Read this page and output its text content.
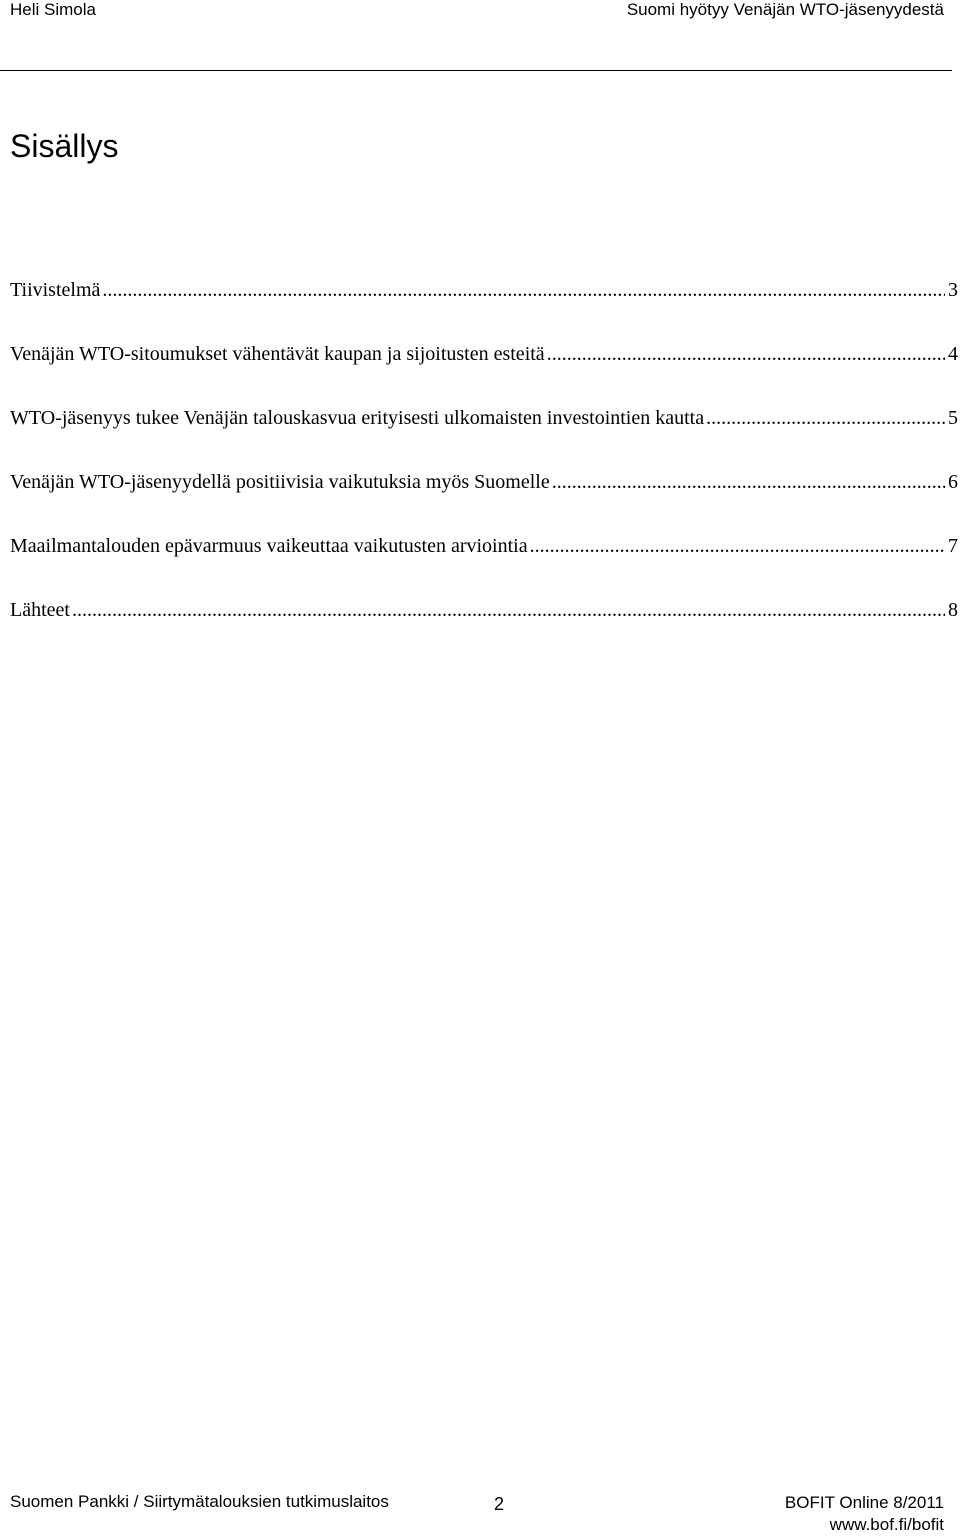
Heli Simola	Suomi hyötyy Venäjän WTO-jäsenyydestä
Sisällys
Tiivistelmä .....	3
Venäjän WTO-sitoumukset vähentävät kaupan ja sijoitusten esteitä .....	4
WTO-jäsenyys tukee Venäjän talouskasvua erityisesti ulkomaisten investointien kautta .....	5
Venäjän WTO-jäsenyydellä positiivisia vaikutuksia myös Suomelle .....	6
Maailmantalouden epävarmuus vaikeuttaa vaikutusten arviointia .....	7
Lähteet .....	8
Suomen Pankki / Siirtymätalouksien tutkimuslaitos	2	BOFIT Online 8/2011
www.bof.fi/bofit
